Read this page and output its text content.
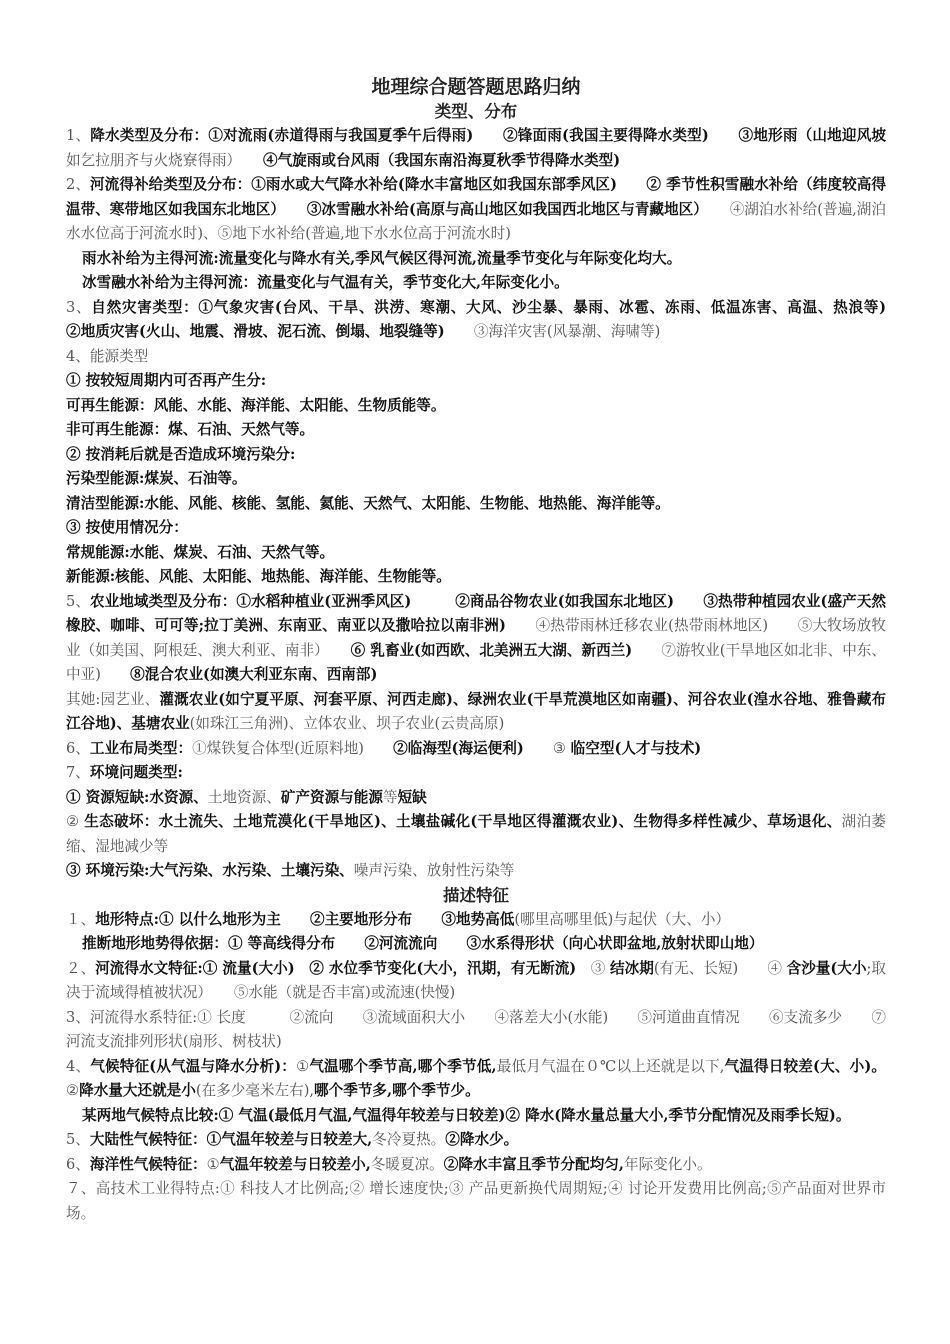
地理综合题答题思路归纳

类型、分布

1、降水类型及分布：①对流雨(赤道得雨与我国夏季午后得雨)　　②锋面雨(我国主要得降水类型)　　③地形雨（山地迎风坡如乞拉朋齐与火烧寮得雨）　　④气旋雨或台风雨（我国东南沿海夏秋季节得降水类型)

2、河流得补给类型及分布：①雨水或大气降水补给(降水丰富地区如我国东部季风区)　　② 季节性积雪融水补给（纬度较高得温带、寒带地区如我国东北地区）　　③冰雪融水补给(高原与高山地区如我国西北地区与青藏地区）　　④湖泊水补给(普遍,湖泊水水位高于河流水时)、⑤地下水补给(普遍,地下水水位高于河流水时)

雨水补给为主得河流:流量变化与降水有关,季风气候区得河流,流量季节变化与年际变化均大。

冰雪融水补给为主得河流：流量变化与气温有关，季节变化大,年际变化小。

3、自然灾害类型：①气象灾害(台风、干旱、洪涝、寒潮、大风、沙尘暴、暴雨、冰雹、冻雨、低温冻害、高温、热浪等)　　②地质灾害(火山、地震、滑坡、泥石流、倒塌、地裂缝等)　　③海洋灾害(风暴潮、海啸等)

4、能源类型

① 按较短周期内可否再产生分:

可再生能源：风能、水能、海洋能、太阳能、生物质能等。

非可再生能源：煤、石油、天然气等。

② 按消耗后就是否造成环境污染分:

污染型能源:煤炭、石油等。

清洁型能源:水能、风能、核能、氢能、氦能、天然气、太阳能、生物能、地热能、海洋能等。

③ 按使用情况分：

常规能源:水能、煤炭、石油、天然气等。

新能源:核能、风能、太阳能、地热能、海洋能、生物能等。

5、农业地域类型及分布：①水稻种植业(亚洲季风区)　　　②商品谷物农业(如我国东北地区)　　③热带种植园农业(盛产天然橡胶、咖啡、可可等;拉丁美洲、东南亚、南亚以及撒哈拉以南非洲)　　④热带雨林迁移农业(热带雨林地区)　　⑤大牧场放牧业（如美国、阿根廷、澳大利亚、南非）　　⑥ 乳畜业(如西欧、北美洲五大湖、新西兰)　　⑦游牧业(干旱地区如北非、中东、中亚)　　⑧混合农业(如澳大利亚东南、西南部)

其她:园艺业、灌溉农业(如宁夏平原、河套平原、河西走廊)、绿洲农业(干旱荒漠地区如南疆)、河谷农业(湟水谷地、雅鲁藏布江谷地)、基塘农业(如珠江三角洲)、立体农业、坝子农业(云贵高原)

6、工业布局类型：①煤铁复合体型(近原料地)　　②临海型(海运便利)　　③ 临空型(人才与技术)

7、环境问题类型:

① 资源短缺:水资源、土地资源、矿产资源与能源等短缺

② 生态破坏：水土流失、土地荒漠化(干旱地区)、土壤盐碱化(干旱地区得灌溉农业)、生物得多样性减少、草场退化、湖泊萎缩、湿地减少等

③ 环境污染:大气污染、水污染、土壤污染、噪声污染、放射性污染等

描述特征

１、地形特点:① 以什么地形为主　　②主要地形分布　　③地势高低(哪里高哪里低)与起伏（大、小）

推断地形地势得依据：① 等高线得分布　　②河流流向　　③水系得形状（向心状即盆地,放射状即山地）

２、河流得水文特征:① 流量(大小)　② 水位季节变化(大小，汛期，有无断流)　③ 结冰期(有无、长短)　　④ 含沙量(大小;取决于流域得植被状况）　　⑤水能（就是否丰富)或流速(快慢)

3、河流得水系特征:① 长度　　　②流向　　③流域面积大小　　④落差大小(水能)　　⑤河道曲直情况　　⑥支流多少　　⑦河流支流排列形状(扇形、树枝状)

4、气候特征(从气温与降水分析)：①气温哪个季节高,哪个季节低,最低月气温在０℃以上还就是以下,气温得日较差(大、小)。②降水量大还就是小(在多少毫米左右),哪个季节多,哪个季节少。

某两地气候特点比较:① 气温(最低月气温,气温得年较差与日较差)② 降水(降水量总量大小,季节分配情况及雨季长短)。

5、大陆性气候特征：①气温年较差与日较差大,冬冷夏热。②降水少。

6、海洋性气候特征：①气温年较差与日较差小,冬暖夏凉。②降水丰富且季节分配均匀,年际变化小。

７、高技术工业得特点:① 科技人才比例高;② 增长速度快;③ 产品更新换代周期短;④ 讨论开发费用比例高;⑤产品面对世界市场。
